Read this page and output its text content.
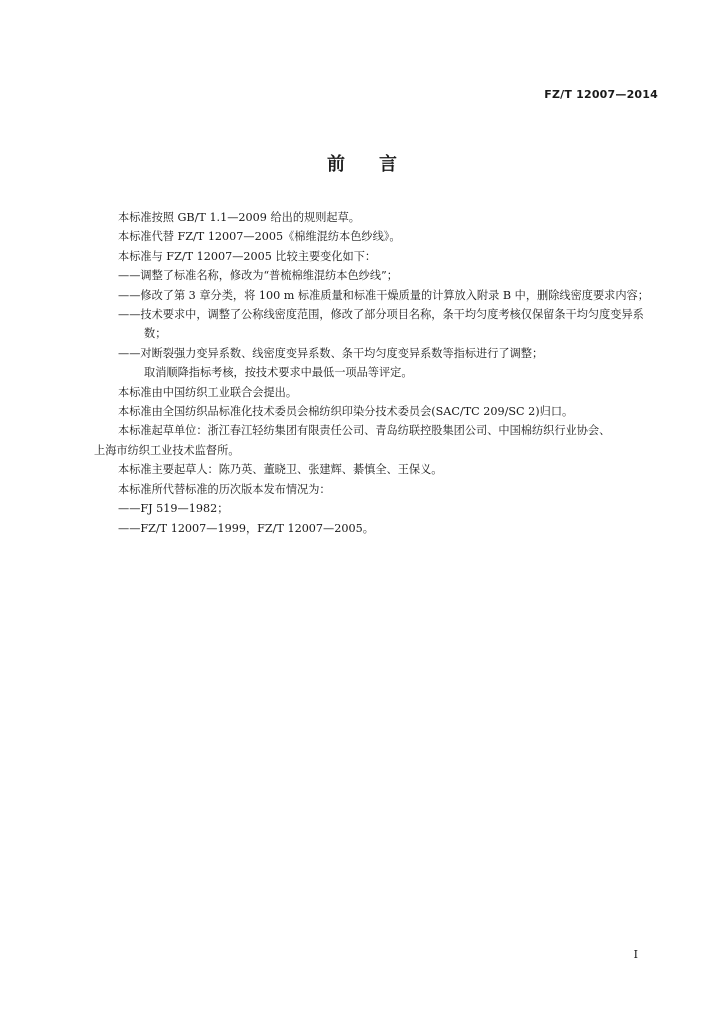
FZ/T 12007—2014
前言

本标准按照 GB/T 1.1—2009 给出的规则起草。

本标准代替 FZ/T 12007—2005《棉维混纺本色纱线》。

本标准与 FZ/T 12007—2005 比较主要变化如下：

——调整了标准名称，修改为“普梳棉维混纺本色纱线”；

——修改了第 3 章分类，将 100 m 标准质量和标准干燥质量的计算放入附录 B 中，删除线密度要求内容；

——技术要求中，调整了公称线密度范围，修改了部分项目名称，条干均匀度考核仅保留条干均匀度变异系数；

——对断裂强力变异系数、线密度变异系数、条干均匀度变异系数等指标进行了调整；

取消顺降指标考核，按技术要求中最低一项品等评定。

本标准由中国纺织工业联合会提出。

本标准由全国纺织品标准化技术委员会棉纺织印染分技术委员会(SAC/TC 209/SC 2)归口。

本标准起草单位：浙江春江轻纺集团有限责任公司、青岛纺联控股集团公司、中国棉纺织行业协会、

上海市纺织工业技术监督所。

本标准主要起草人：陈乃英、董晓卫、张建辉、綦慎全、王保义。

本标准所代替标准的历次版本发布情况为：

——FJ 519—1982；

——FZ/T 12007—1999，FZ/T 12007—2005。

I
